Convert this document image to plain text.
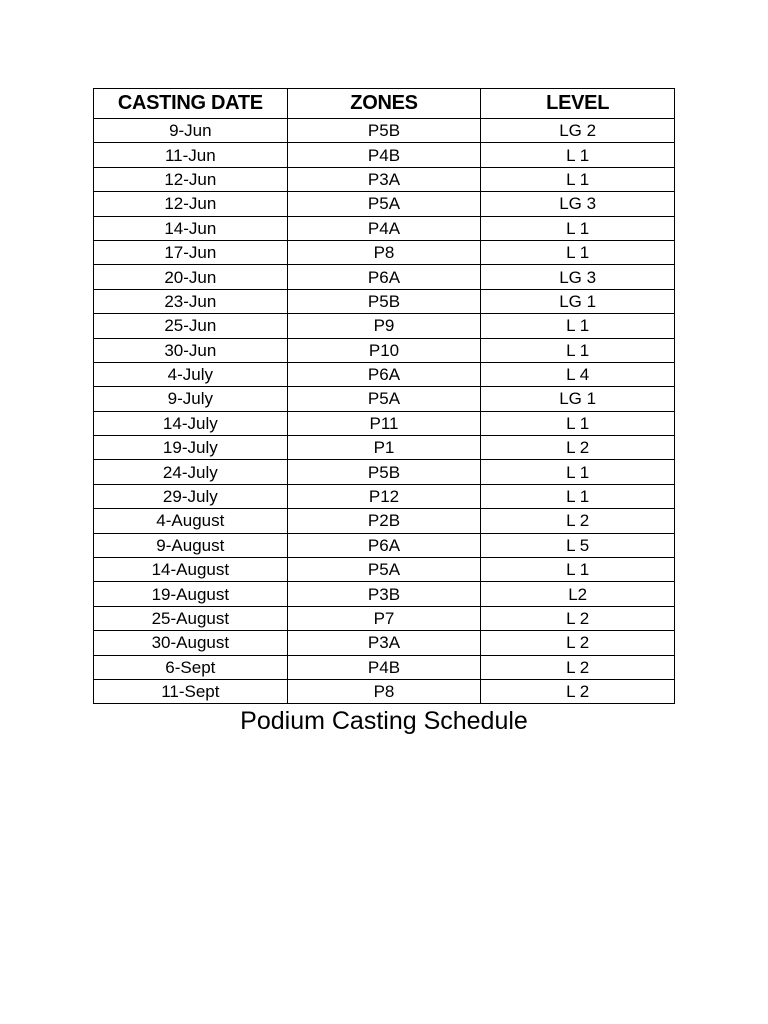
CASTING DATE	ZONES	LEVEL
9-Jun	P5B	LG 2
11-Jun	P4B	L 1
12-Jun	P3A	L 1
12-Jun	P5A	LG 3
14-Jun	P4A	L 1
17-Jun	P8	L 1
20-Jun	P6A	LG 3
23-Jun	P5B	LG 1
25-Jun	P9	L 1
30-Jun	P10	L 1
4-July	P6A	L 4
9-July	P5A	LG 1
14-July	P11	L 1
19-July	P1	L 2
24-July	P5B	L 1
29-July	P12	L 1
4-August	P2B	L 2
9-August	P6A	L 5
14-August	P5A	L 1
19-August	P3B	L2
25-August	P7	L 2
30-August	P3A	L 2
6-Sept	P4B	L 2
11-Sept	P8	L 2
Podium Casting Schedule
